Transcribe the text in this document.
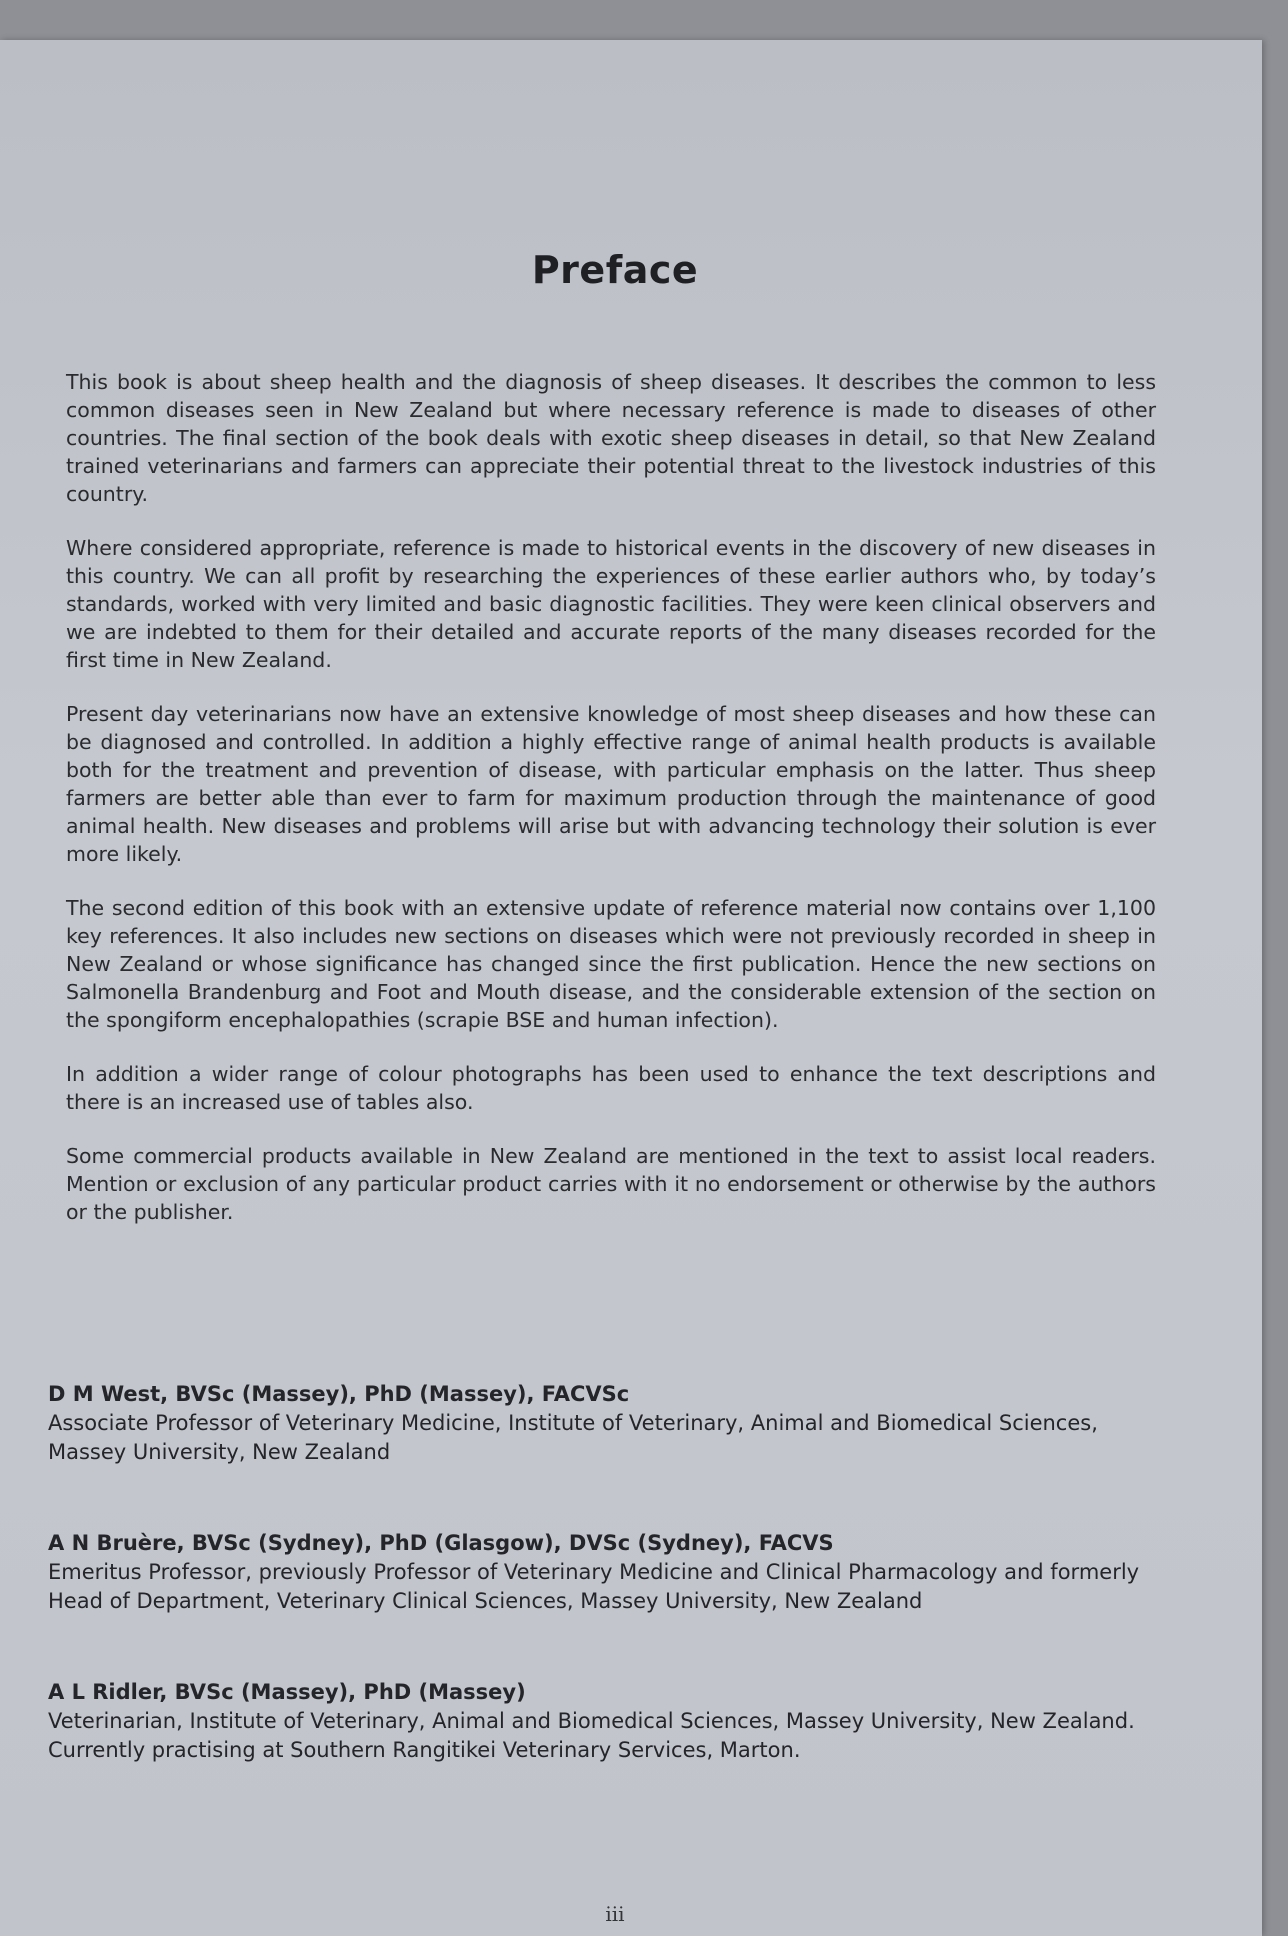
Preface

This book is about sheep health and the diagnosis of sheep diseases. It describes the common to less common diseases seen in New Zealand but where necessary reference is made to diseases of other countries. The final section of the book deals with exotic sheep diseases in detail, so that New Zealand trained veterinarians and farmers can appreciate their potential threat to the livestock industries of this country.

Where considered appropriate, reference is made to historical events in the discovery of new diseases in this country. We can all profit by researching the experiences of these earlier authors who, by today’s standards, worked with very limited and basic diagnostic facilities. They were keen clinical observers and we are indebted to them for their detailed and accurate reports of the many diseases recorded for the first time in New Zealand.

Present day veterinarians now have an extensive knowledge of most sheep diseases and how these can be diagnosed and controlled. In addition a highly effective range of animal health products is available both for the treatment and prevention of disease, with particular emphasis on the latter. Thus sheep farmers are better able than ever to farm for maximum production through the maintenance of good animal health. New diseases and problems will arise but with advancing technology their solution is ever more likely.

The second edition of this book with an extensive update of reference material now contains over 1,100 key references. It also includes new sections on diseases which were not previously recorded in sheep in New Zealand or whose significance has changed since the first publication. Hence the new sections on Salmonella Brandenburg and Foot and Mouth disease, and the considerable extension of the section on the spongiform encephalopathies (scrapie BSE and human infection).

In addition a wider range of colour photographs has been used to enhance the text descriptions and there is an increased use of tables also.

Some commercial products available in New Zealand are mentioned in the text to assist local readers. Mention or exclusion of any particular product carries with it no endorsement or otherwise by the authors or the publisher.

D M West, BVSc (Massey), PhD (Massey), FACVSc
Associate Professor of Veterinary Medicine, Institute of Veterinary, Animal and Biomedical Sciences, Massey University, New Zealand
A N Bruère, BVSc (Sydney), PhD (Glasgow), DVSc (Sydney), FACVS
Emeritus Professor, previously Professor of Veterinary Medicine and Clinical Pharmacology and formerly Head of Department, Veterinary Clinical Sciences, Massey University, New Zealand
A L Ridler, BVSc (Massey), PhD (Massey)
Veterinarian, Institute of Veterinary, Animal and Biomedical Sciences, Massey University, New Zealand. Currently practising at Southern Rangitikei Veterinary Services, Marton.
iii
